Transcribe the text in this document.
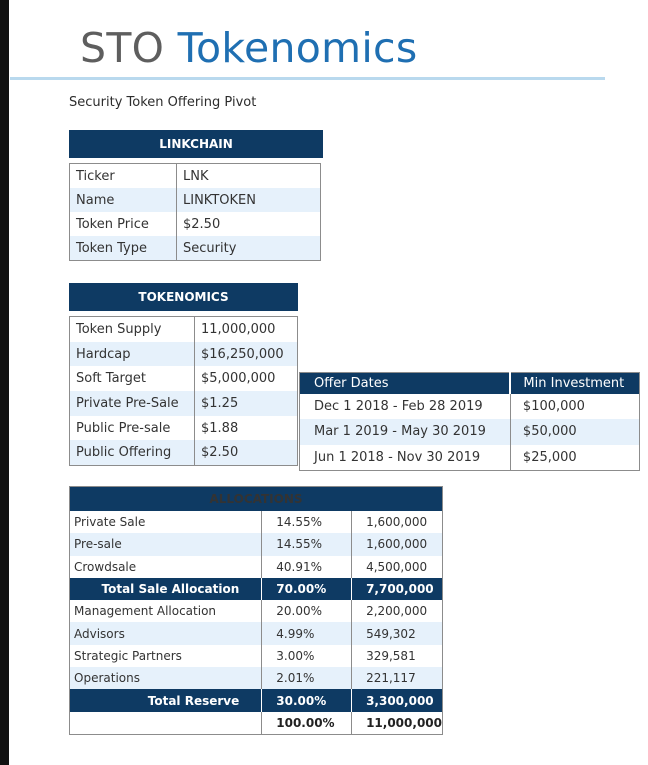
STO Tokenomics
Security Token Offering Pivot
LINKCHAIN
Ticker	LNK
Name	LINKTOKEN
Token Price	$2.50
Token Type	Security
TOKENOMICS
Token Supply	11,000,000
Hardcap	$16,250,000
Soft Target	$5,000,000
Private Pre-Sale	$1.25
Public Pre-sale	$1.88
Public Offering	$2.50
Offer Dates	Min Investment
Dec 1 2018 - Feb 28 2019	$100,000
Mar 1 2019 - May 30 2019	$50,000
Jun 1 2018 - Nov 30 2019	$25,000
ALLOCATIONS		
Private Sale	14.55%	1,600,000
Pre-sale	14.55%	1,600,000
Crowdsale	40.91%	4,500,000
Total Sale Allocation	70.00%	7,700,000
Management Allocation	20.00%	2,200,000
Advisors	4.99%	549,302
Strategic Partners	3.00%	329,581
Operations	2.01%	221,117
Total Reserve	30.00%	3,300,000
	100.00%	11,000,000
